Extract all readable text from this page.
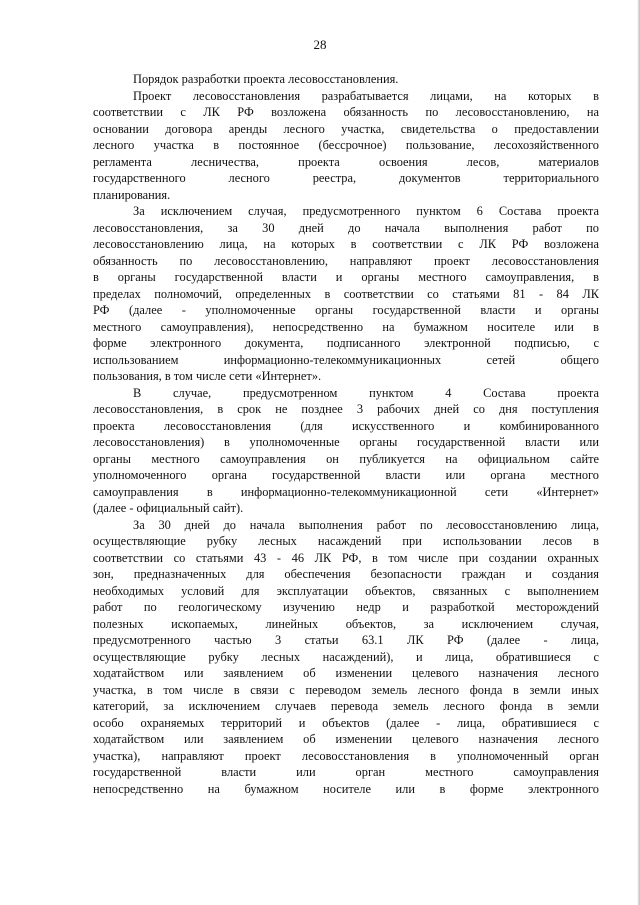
28

Порядок разработки проекта лесовосстановления.

Проект лесовосстановления разрабатывается лицами, на которых в
соответствии с ЛК РФ возложена обязанность по лесовосстановлению, на
основании договора аренды лесного участка, свидетельства о предоставлении
лесного участка в постоянное (бессрочное) пользование, лесохозяйственного
регламента лесничества, проекта освоения лесов, материалов
государственного лесного реестра, документов территориального
планирования.
За исключением случая, предусмотренного пунктом 6 Состава проекта
лесовосстановления, за 30 дней до начала выполнения работ по
лесовосстановлению лица, на которых в соответствии с ЛК РФ возложена
обязанность по лесовосстановлению, направляют проект лесовосстановления
в органы государственной власти и органы местного самоуправления, в
пределах полномочий, определенных в соответствии со статьями 81 - 84 ЛК
РФ (далее - уполномоченные органы государственной власти и органы
местного самоуправления), непосредственно на бумажном носителе или в
форме электронного документа, подписанного электронной подписью, с
использованием информационно-телекоммуникационных сетей общего
пользования, в том числе сети «Интернет».
В случае, предусмотренном пунктом 4 Состава проекта
лесовосстановления, в срок не позднее 3 рабочих дней со дня поступления
проекта лесовосстановления (для искусственного и комбинированного
лесовосстановления) в уполномоченные органы государственной власти или
органы местного самоуправления он публикуется на официальном сайте
уполномоченного органа государственной власти или органа местного
самоуправления в информационно-телекоммуникационной сети «Интернет»
(далее - официальный сайт).
За 30 дней до начала выполнения работ по лесовосстановлению лица,
осуществляющие рубку лесных насаждений при использовании лесов в
соответствии со статьями 43 - 46 ЛК РФ, в том числе при создании охранных
зон, предназначенных для обеспечения безопасности граждан и создания
необходимых условий для эксплуатации объектов, связанных с выполнением
работ по геологическому изучению недр и разработкой месторождений
полезных ископаемых, линейных объектов, за исключением случая,
предусмотренного частью 3 статьи 63.1 ЛК РФ (далее - лица,
осуществляющие рубку лесных насаждений), и лица, обратившиеся с
ходатайством или заявлением об изменении целевого назначения лесного
участка, в том числе в связи с переводом земель лесного фонда в земли иных
категорий, за исключением случаев перевода земель лесного фонда в земли
особо охраняемых территорий и объектов (далее - лица, обратившиеся с
ходатайством или заявлением об изменении целевого назначения лесного
участка), направляют проект лесовосстановления в уполномоченный орган
государственной власти или орган местного самоуправления
непосредственно на бумажном носителе или в форме электронного
